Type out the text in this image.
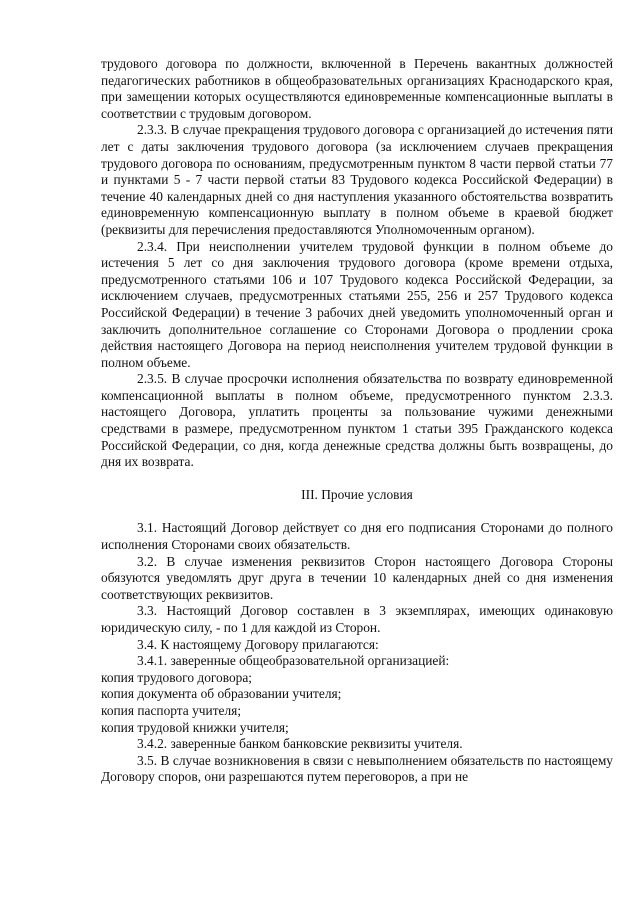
трудового договора по должности, включенной в Перечень вакантных должностей педагогических работников в общеобразовательных организациях Краснодарского края, при замещении которых осуществляются единовременные компенсационные выплаты в соответствии с трудовым договором.

2.3.3. В случае прекращения трудового договора с организацией до истечения пяти лет с даты заключения трудового договора (за исключением случаев прекращения трудового договора по основаниям, предусмотренным пунктом 8 части первой статьи 77 и пунктами 5 - 7 части первой статьи 83 Трудового кодекса Российской Федерации) в течение 40 календарных дней со дня наступления указанного обстоятельства возвратить единовременную компенсационную выплату в полном объеме в краевой бюджет (реквизиты для перечисления предоставляются Уполномоченным органом).

2.3.4. При неисполнении учителем трудовой функции в полном объеме до истечения 5 лет со дня заключения трудового договора (кроме времени отдыха, предусмотренного статьями 106 и 107 Трудового кодекса Российской Федерации, за исключением случаев, предусмотренных статьями 255, 256 и 257 Трудового кодекса Российской Федерации) в течение 3 рабочих дней уведомить уполномоченный орган и заключить дополнительное соглашение со Сторонами Договора о продлении срока действия настоящего Договора на период неисполнения учителем трудовой функции в полном объеме.

2.3.5. В случае просрочки исполнения обязательства по возврату единовременной компенсационной выплаты в полном объеме, предусмотренного пунктом 2.3.3. настоящего Договора, уплатить проценты за пользование чужими денежными средствами в размере, предусмотренном пунктом 1 статьи 395 Гражданского кодекса Российской Федерации, со дня, когда денежные средства должны быть возвращены, до дня их возврата.

III. Прочие условия

3.1. Настоящий Договор действует со дня его подписания Сторонами до полного исполнения Сторонами своих обязательств.

3.2. В случае изменения реквизитов Сторон настоящего Договора Стороны обязуются уведомлять друг друга в течении 10 календарных дней со дня изменения соответствующих реквизитов.

3.3. Настоящий Договор составлен в 3 экземплярах, имеющих одинаковую юридическую силу, - по 1 для каждой из Сторон.

3.4. К настоящему Договору прилагаются:

3.4.1. заверенные общеобразовательной организацией:

копия трудового договора;

копия документа об образовании учителя;

копия паспорта учителя;

копия трудовой книжки учителя;

3.4.2. заверенные банком банковские реквизиты учителя.

3.5. В случае возникновения в связи с невыполнением обязательств по настоящему Договору споров, они разрешаются путем переговоров, а при не
